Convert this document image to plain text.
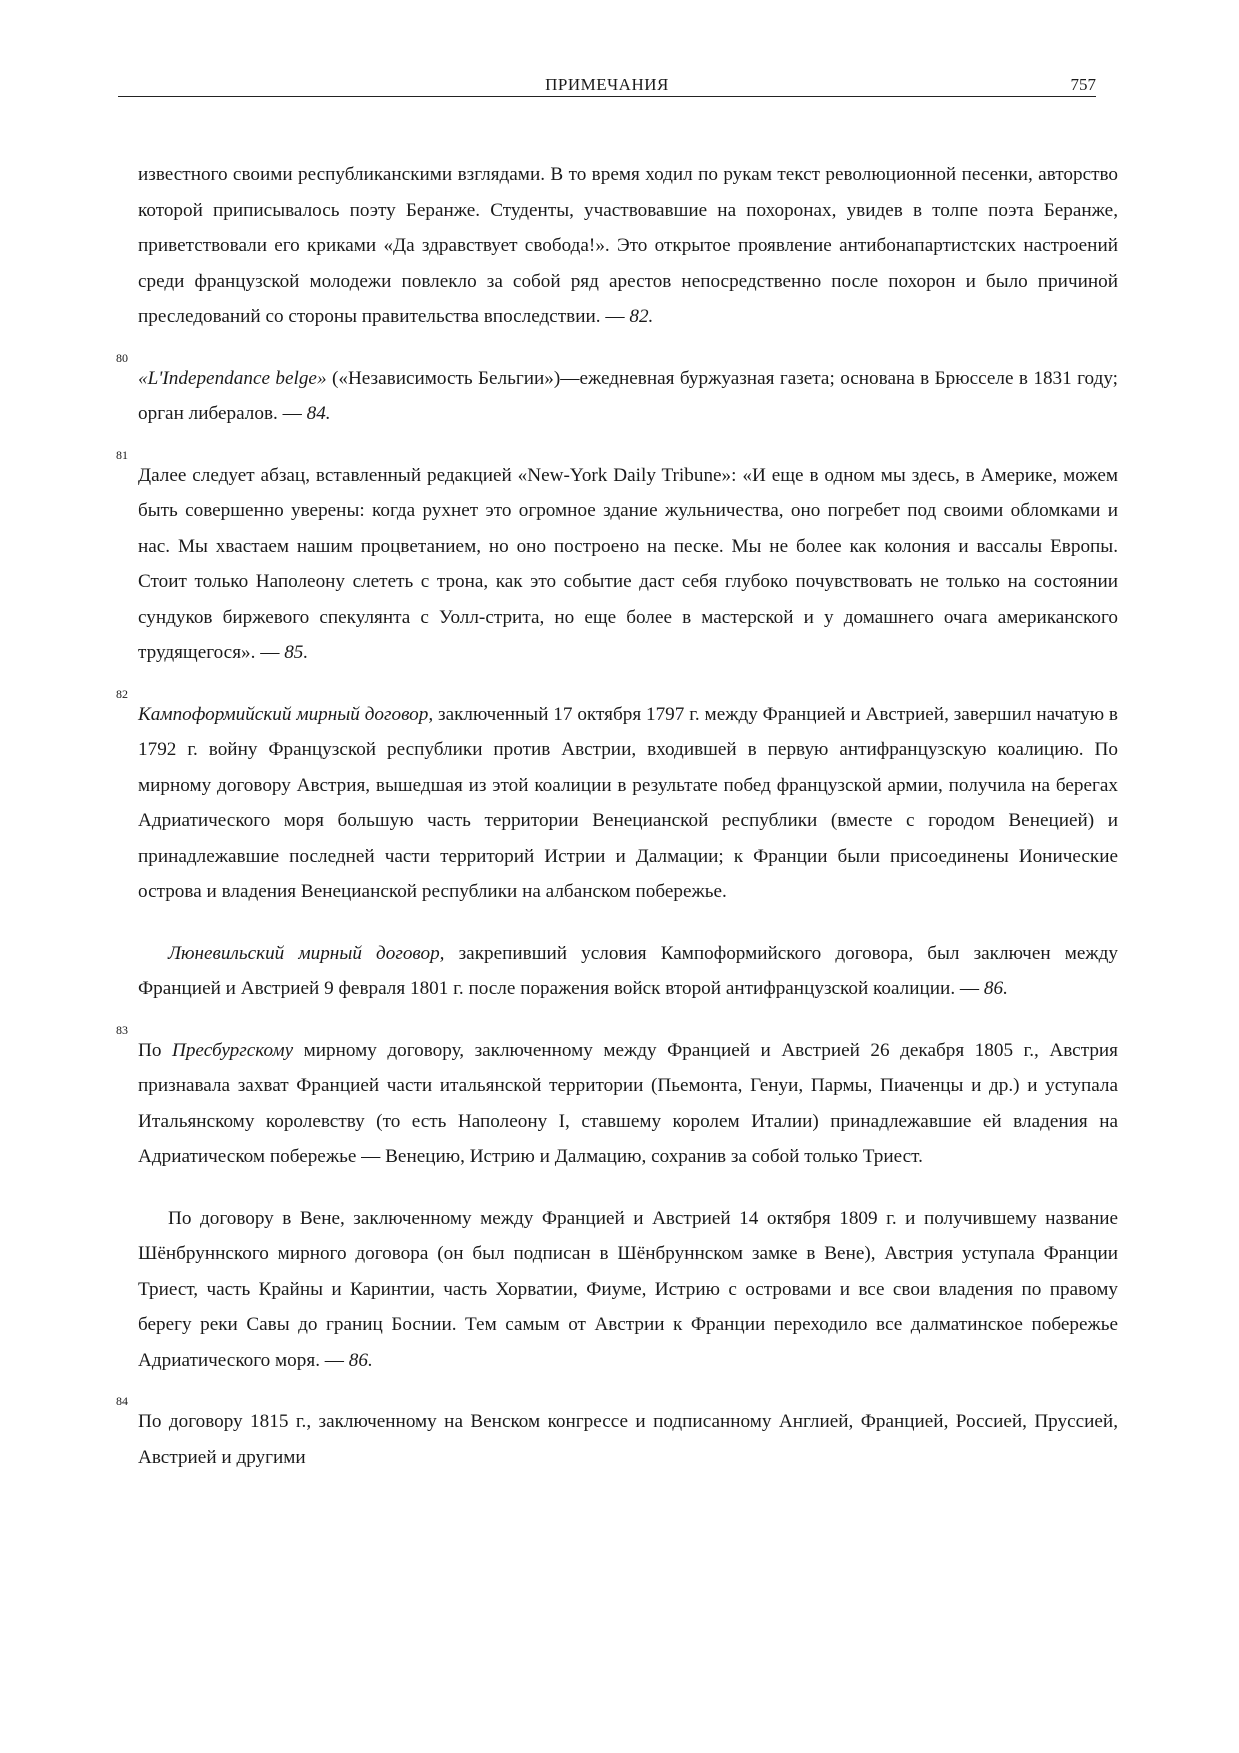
ПРИМЕЧАНИЯ	757

известного своими республиканскими взглядами. В то время ходил по рукам текст революционной песенки, авторство которой приписывалось поэту Беранже. Студенты, участвовавшие на похоронах, увидев в толпе поэта Беранже, приветствовали его криками «Да здравствует свобода!». Это открытое проявление антибонапартистских настроений среди французской молодежи повлекло за собой ряд арестов непосредственно после похорон и было причиной преследований со стороны правительства впоследствии. — 82.

80
«L'Independance belge» («Независимость Бельгии»)—ежедневная буржуазная газета; основана в Брюсселе в 1831 году; орган либералов. — 84.

81
Далее следует абзац, вставленный редакцией «New-York Daily Tribune»: «И еще в одном мы здесь, в Америке, можем быть совершенно уверены: когда рухнет это огромное здание жульничества, оно погребет под своими обломками и нас. Мы хвастаем нашим процветанием, но оно построено на песке. Мы не более как колония и вассалы Европы. Стоит только Наполеону слететь с трона, как это событие даст себя глубоко почувствовать не только на состоянии сундуков биржевого спекулянта с Уолл-стрита, но еще более в мастерской и у домашнего очага американского трудящегося». — 85.

82
Кампоформийский мирный договор, заключенный 17 октября 1797 г. между Францией и Австрией, завершил начатую в 1792 г. войну Французской республики против Австрии, входившей в первую антифранцузскую коалицию. По мирному договору Австрия, вышедшая из этой коалиции в результате побед французской армии, получила на берегах Адриатического моря большую часть территории Венецианской республики (вместе с городом Венецией) и принадлежавшие последней части территорий Истрии и Далмации; к Франции были присоединены Ионические острова и владения Венецианской республики на албанском побережье.

Люневильский мирный договор, закрепивший условия Кампоформийского договора, был заключен между Францией и Австрией 9 февраля 1801 г. после поражения войск второй антифранцузской коалиции. — 86.

83
По Пресбургскому мирному договору, заключенному между Францией и Австрией 26 декабря 1805 г., Австрия признавала захват Францией части итальянской территории (Пьемонта, Генуи, Пармы, Пиаченцы и др.) и уступала Итальянскому королевству (то есть Наполеону I, ставшему королем Италии) принадлежавшие ей владения на Адриатическом побережье — Венецию, Истрию и Далмацию, сохранив за собой только Триест.

По договору в Вене, заключенному между Францией и Австрией 14 октября 1809 г. и получившему название Шёнбруннского мирного договора (он был подписан в Шёнбруннском замке в Вене), Австрия уступала Франции Триест, часть Крайны и Каринтии, часть Хорватии, Фиуме, Истрию с островами и все свои владения по правому берегу реки Савы до границ Боснии. Тем самым от Австрии к Франции переходило все далматинское побережье Адриатического моря. — 86.

84
По договору 1815 г., заключенному на Венском конгрессе и подписанному Англией, Францией, Россией, Пруссией, Австрией и другими
